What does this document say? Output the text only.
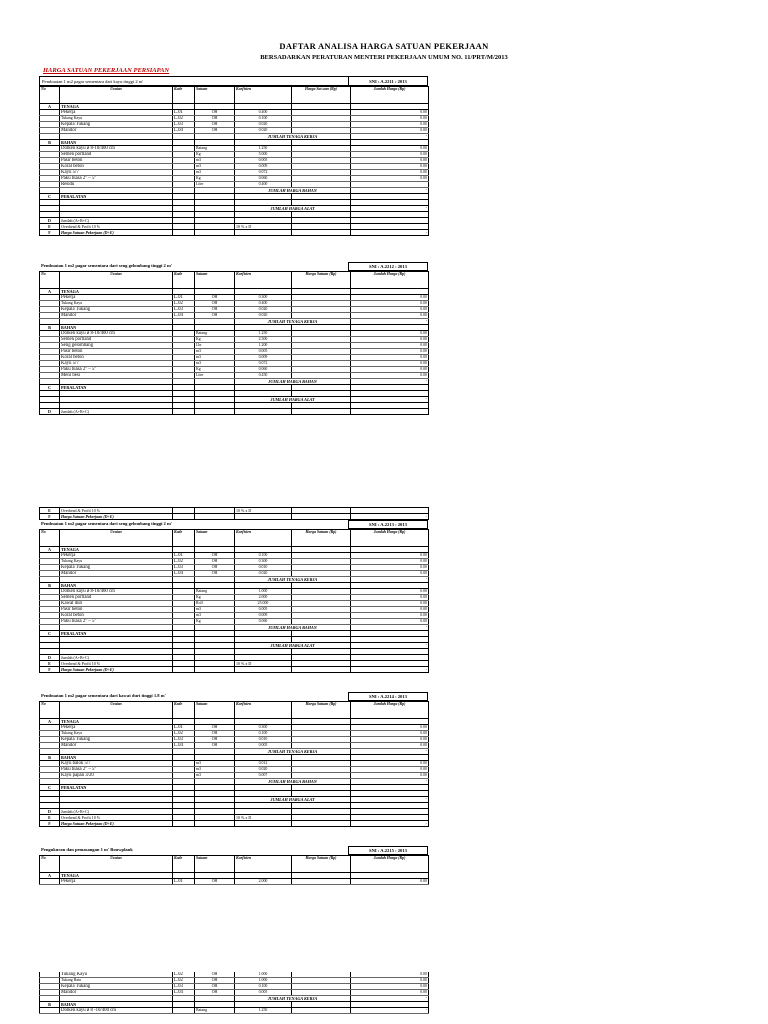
DAFTAR ANALISA HARGA SATUAN PEKERJAAN
BERSADARKAN PERATURAN MENTERI PEKERJAAN UMUM NO. 11/PRT/M/2013
HARGA SATUAN PEKERJAAN PERSIAPAN
Pembuatan 1 m2 pagar sementara dari kayu tinggi 2 m'	SNI : A.2211 : 2013
No	Uraian	Kode	Satuan	Koefisien	Harga Sat uan (Rp)	Jumlah Harga (Rp)
A	TENAGA					
	Pekerja	L.01	OH	0.400		0.00
	Tukang Kayu	L.02	OH	0.100		0.00
	Kepala Tukang	L.03	OH	0.020		0.00
	Mandor	L.04	OH	0.020		0.00
				JUMLAH TENAGA KERJA		-
B	BAHAN					
	Dolken kayu ø 8-10/400 cm		Batang	1.250		0.00
	Semen portland		Kg	5.000		0.00
	Pasir beton		m3	0.005		0.00
	Koral beton		m3	0.009		0.00
	Kayu 5/7		m3	0.072		0.00
	Paku biasa 2" – 5"		Kg	0.060		0.00
	Residu		Liter	0.400		
				JUMLAH HARGA BAHAN		-
C	PERALATAN					

				JUMLAH HARGA ALAT		-

D	Jumlah (A+B+C)					
E	Overhead & Profit 10 %			10 % x D		
F	Harga Satuan Pekerjaan (D+E)					-
Pembuatan 1 m2 pagar sementara dari seng gelombang tinggi 2 m'	SNI : A.2212 : 2013
No	Uraian	Kode	Satuan	Koefisien	Harga Satuan (Rp)	Jumlah Harga (Rp)
A	TENAGA					
	Pekerja	L.01	OH	0.300		0.00
	Tukang Kayu	L.02	OH	0.400		0.00
	Kepala Tukang	L.03	OH	0.020		0.00
	Mandor	L.04	OH	0.020		0.00
				JUMLAH TENAGA KERJA		-
B	BAHAN					
	Dolken kayu ø 8-10/400 cm		Batang	1.250		0.00
	Semen portland		Kg	2.500		0.00
	Seng gelombang		Lbr	1.200		0.00
	Pasir beton		m3	0.005		0.00
	Koral beton		m3	0.009		0.00
	Kayu 5/7		m3	0.072		0.00
	Paku biasa 2" – 5"		Kg	0.060		0.00
	Meni besi		Liter	0.450		0.00
				JUMLAH HARGA BAHAN		-
C	PERALATAN					

				JUMLAH HARGA ALAT		-

D	Jumlah (A+B+C)					
E	Overhead & Profit 10 %			10 % x D		
F	Harga Satuan Pekerjaan (D+E)					-
Pembuatan 1 m2 pagar sementara dari seng gelombang tinggi 2 m'	SNI : A.2213 : 2013
No	Uraian	Kode	Satuan	Koefisien	Harga Satuan (Rp)	Jumlah Harga (Rp)
A	TENAGA					
	Pekerja	L.01	OH	0.100		0.00
	Tukang Kayu	L.02	OH	0.300		0.00
	Kepala Tukang	L.03	OH	0.010		0.00
	Mandor	L.04	OH	0.020		0.00
				JUMLAH TENAGA KERJA		-
B	BAHAN					
	Dolken kayu ø 8-10/400 cm		Batang	1.000		0.00
	Semen portland		Kg	2.000		0.00
	Kawat duri		Roll	25.000		0.00
	Pasir beton		m3	0.005		0.00
	Koral beton		m3	0.009		0.00
	Paku biasa 2" – 5"		Kg	0.060		0.00
				JUMLAH HARGA BAHAN		-
C	PERALATAN					

				JUMLAH HARGA ALAT		-

D	Jumlah (A+B+C)					
E	Overhead & Profit 10 %			10 % x D		
F	Harga Satuan Pekerjaan (D+E)					-
Pembuatan 1 m2 pagar sementara dari kawat duri tinggi 1.8 m'	SNI : A.2214 : 2013
No	Uraian	Kode	Satuan	Koefisien	Harga Satuan (Rp)	Jumlah Harga (Rp)
A	TENAGA					
	Pekerja	L.01	OH	0.300		0.00
	Tukang Kayu	L.02	OH	0.100		0.00
	Kepala Tukang	L.03	OH	0.010		0.00
	Mandor	L.04	OH	0.005		0.00
				JUMLAH TENAGA KERJA		-
B	BAHAN					
	Kayu balok 5/7		m3	0.012		0.00
	Paku biasa 2" – 5"		m3	0.020		0.00
	Kayu papan 3/20		m3	0.007		0.00
				JUMLAH HARGA BAHAN		-
C	PERALATAN					

				JUMLAH HARGA ALAT		-

D	Jumlah (A+B+C)					
E	Overhead & Profit 10 %			10 % x D		
F	Harga Satuan Pekerjaan (D+E)					-
Pengukuran dan pemasangan 1 m' Bouwplank	SNI : A.2215 : 2013
No	Uraian	Kode	Satuan	Koefisien	Harga Satuan (Rp)	Jumlah Harga (Rp)
A	TENAGA					
	Pekerja	L.01	OH	2.000		0.00
	Tukang Kayu	L.02	OH	1.000		0.00
	Tukang Batu	L.02	OH	1.000		0.00
	Kepala Tukang	L.03	OH	0.100		0.00
	Mandor	L.04	OH	0.005		0.00
				JUMLAH TENAGA KERJA		-
B	BAHAN					
	Dolken kayu ø 8 -10/400 cm		Batang	1.250		-
